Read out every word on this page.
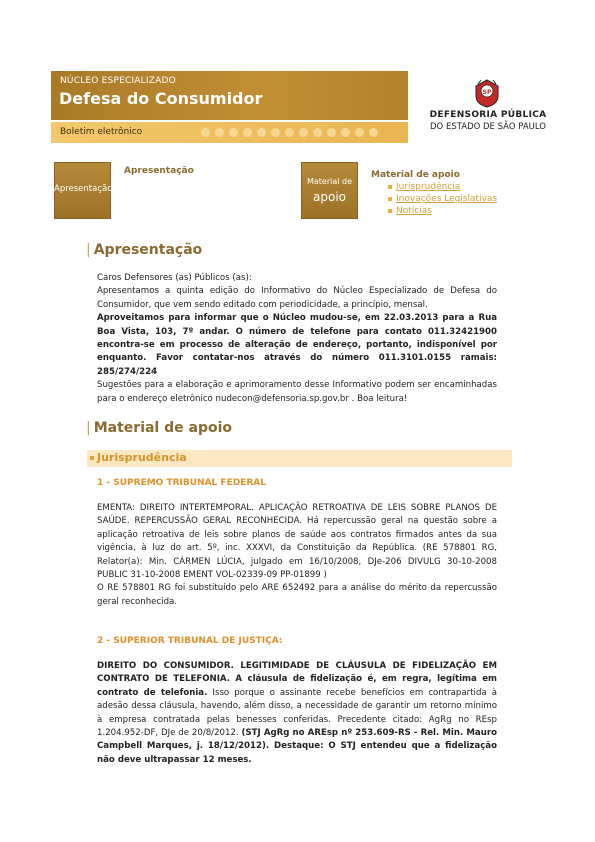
NÚCLEO ESPECIALIZADO
Defesa do Consumidor
Boletim eletrônico
SP
DEFENSORIA PÚBLICA
DO ESTADO DE SÃO PAULO
Apresentação
Apresentação
Material de
apoio
Material de apoio
Jurisprudência
Inovações Legislativas
Notícias
| Apresentação
Caros Defensores (as) Públicos (as):
Apresentamos a quinta edição do Informativo do Núcleo Especializado de Defesa do Consumidor, que vem sendo editado com periodicidade, a princípio, mensal.
Aproveitamos para informar que o Núcleo mudou-se, em 22.03.2013 para a Rua Boa Vista, 103, 7º andar. O número de telefone para contato 011.32421900 encontra-se em processo de alteração de endereço, portanto, indisponível por enquanto. Favor contatar-nos através do número 011.3101.0155 ramais: 285/274/224
Sugestões para a elaboração e aprimoramento desse Informativo podem ser encaminhadas para o endereço eletrônico nudecon@defensoria.sp.gov.br . Boa leitura!
| Material de apoio
Jurisprudência
1 - SUPREMO TRIBUNAL FEDERAL
EMENTA: DIREITO INTERTEMPORAL. APLICAÇÃO RETROATIVA DE LEIS SOBRE PLANOS DE SAÚDE. REPERCUSSÃO GERAL RECONHECIDA. Há repercussão geral na questão sobre a aplicação retroativa de leis sobre planos de saúde aos contratos firmados antes da sua vigência, à luz do art. 5º, inc. XXXVI, da Constituição da República. (RE 578801 RG, Relator(a): Min. CÁRMEN LÚCIA, julgado em 16/10/2008, DJe-206 DIVULG 30-10-2008 PUBLIC 31-10-2008 EMENT VOL-02339-09 PP-01899 )
O RE 578801 RG foi substituído pelo ARE 652492 para a análise do mérito da repercussão geral reconhecida.
2 - SUPERIOR TRIBUNAL DE JUSTIÇA:
DIREITO DO CONSUMIDOR. LEGITIMIDADE DE CLÁUSULA DE FIDELIZAÇÃO EM CONTRATO DE TELEFONIA. A cláusula de fidelização é, em regra, legítima em contrato de telefonia. Isso porque o assinante recebe benefícios em contrapartida à adesão dessa cláusula, havendo, além disso, a necessidade de garantir um retorno mínimo à empresa contratada pelas benesses conferidas. Precedente citado: AgRg no REsp 1.204.952-DF, DJe de 20/8/2012. (STJ AgRg no AREsp nº 253.609-RS - Rel. Min. Mauro Campbell Marques, j. 18/12/2012). Destaque: O STJ entendeu que a fidelização não deve ultrapassar 12 meses.
